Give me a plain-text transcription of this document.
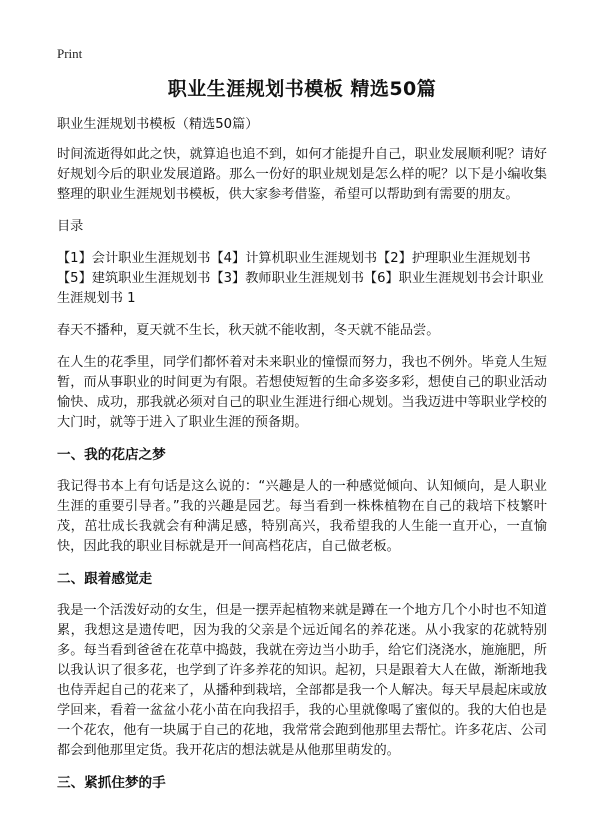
Print
职业生涯规划书模板 精选50篇

职业生涯规划书模板（精选50篇）

时间流逝得如此之快，就算追也追不到，如何才能提升自己，职业发展顺利呢？请好好规划今后的职业发展道路。那么一份好的职业规划是怎么样的呢？以下是小编收集整理的职业生涯规划书模板，供大家参考借鉴，希望可以帮助到有需要的朋友。

目录

【1】会计职业生涯规划书【4】计算机职业生涯规划书【2】护理职业生涯规划书【5】建筑职业生涯规划书【3】教师职业生涯规划书【6】职业生涯规划书会计职业生涯规划书 1

春天不播种，夏天就不生长，秋天就不能收割，冬天就不能品尝。

在人生的花季里，同学们都怀着对未来职业的憧憬而努力，我也不例外。毕竟人生短暂，而从事职业的时间更为有限。若想使短暂的生命多姿多彩，想使自己的职业活动愉快、成功，那我就必须对自己的职业生涯进行细心规划。当我迈进中等职业学校的大门时，就等于进入了职业生涯的预备期。

一、我的花店之梦

我记得书本上有句话是这么说的：“兴趣是人的一种感觉倾向、认知倾向，是人职业生涯的重要引导者。”我的兴趣是园艺。每当看到一株株植物在自己的栽培下枝繁叶茂，茁壮成长我就会有种满足感，特别高兴，我希望我的人生能一直开心，一直愉快，因此我的职业目标就是开一间高档花店，自己做老板。

二、跟着感觉走

我是一个活泼好动的女生，但是一摆弄起植物来就是蹲在一个地方几个小时也不知道累，我想这是遗传吧，因为我的父亲是个远近闻名的养花迷。从小我家的花就特别多。每当看到爸爸在花草中捣鼓，我就在旁边当小助手，给它们浇浇水，施施肥，所以我认识了很多花，也学到了许多养花的知识。起初，只是跟着大人在做，渐渐地我也侍弄起自己的花来了，从播种到栽培，全部都是我一个人解决。每天早晨起床或放学回来，看着一盆盆小花小苗在向我招手，我的心里就像喝了蜜似的。我的大伯也是一个花农，他有一块属于自己的花地，我常常会跑到他那里去帮忙。许多花店、公司都会到他那里定货。我开花店的想法就是从他那里萌发的。

三、紧抓住梦的手
